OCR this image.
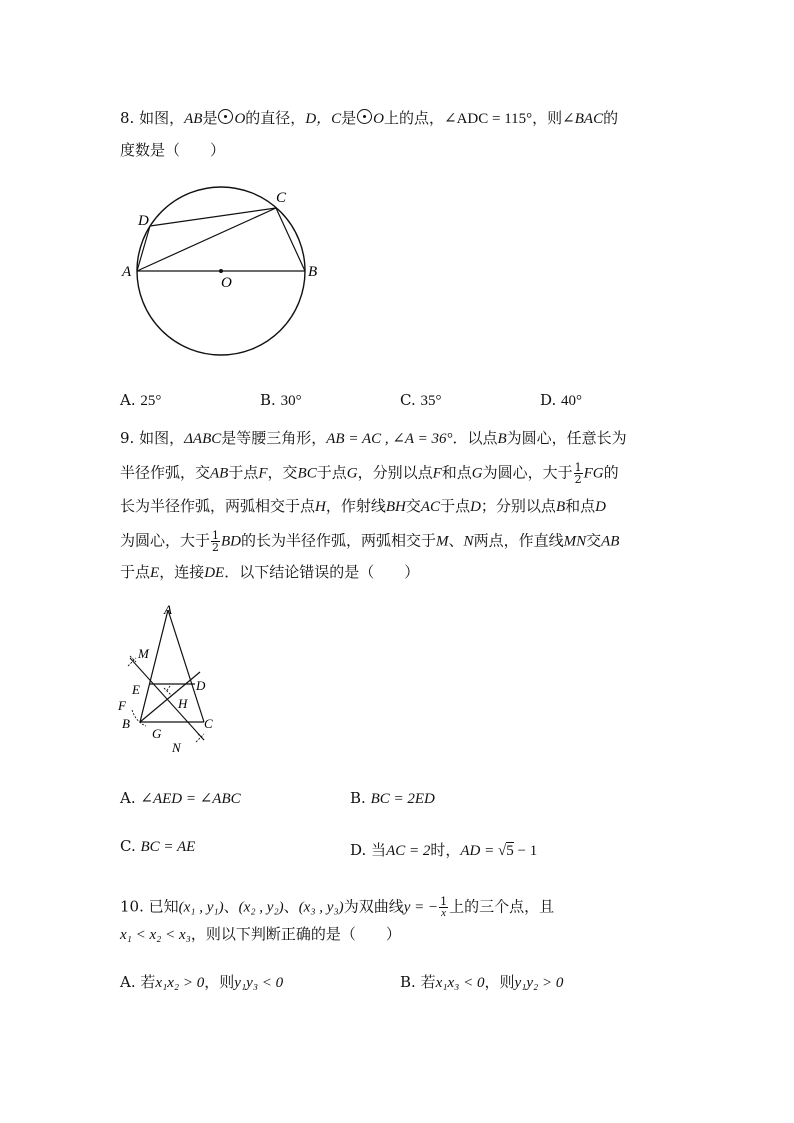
8. 如图，AB是 O的直径，D，C是 O上的点，∠ADC = 115°，则∠BAC的
度数是（　　）
A	B
C
D
O
A. 25°	B. 30°	C. 35°	D. 40°
9. 如图，ΔABC是等腰三角形，AB = AC , ∠A = 36°．以点B为圆心，任意长为
半径作弧，交AB于点F，交BC于点G，分别以点F和点G为圆心，大于 $\frac{1}{2}$ FG的
长为半径作弧，两弧相交于点H，作射线BH交AC于点D；分别以点B和点D
为圆心，大于 $\frac{1}{2}$ BD的长为半径作弧，两弧相交于M、N两点，作直线MN交AB
于点E，连接DE．以下结论错误的是（　　）
A
M
E	D
F	H
B	C
G
N
A. ∠AED = ∠ABC	B. BC = 2ED
C. BC = AE	D. 当AC = 2时，AD = √5 − 1
10. 已知(x₁ , y₁)、(x₂ , y₂)、(x₃ , y₃)为双曲线y = − $\frac{1}{x}$ 上的三个点，且
x₁ < x₂ < x₃，则以下判断正确的是（　　）
A. 若x₁x₂ > 0，则y₁y₃ < 0	B. 若x₁x₃ < 0，则y₁y₂ > 0
